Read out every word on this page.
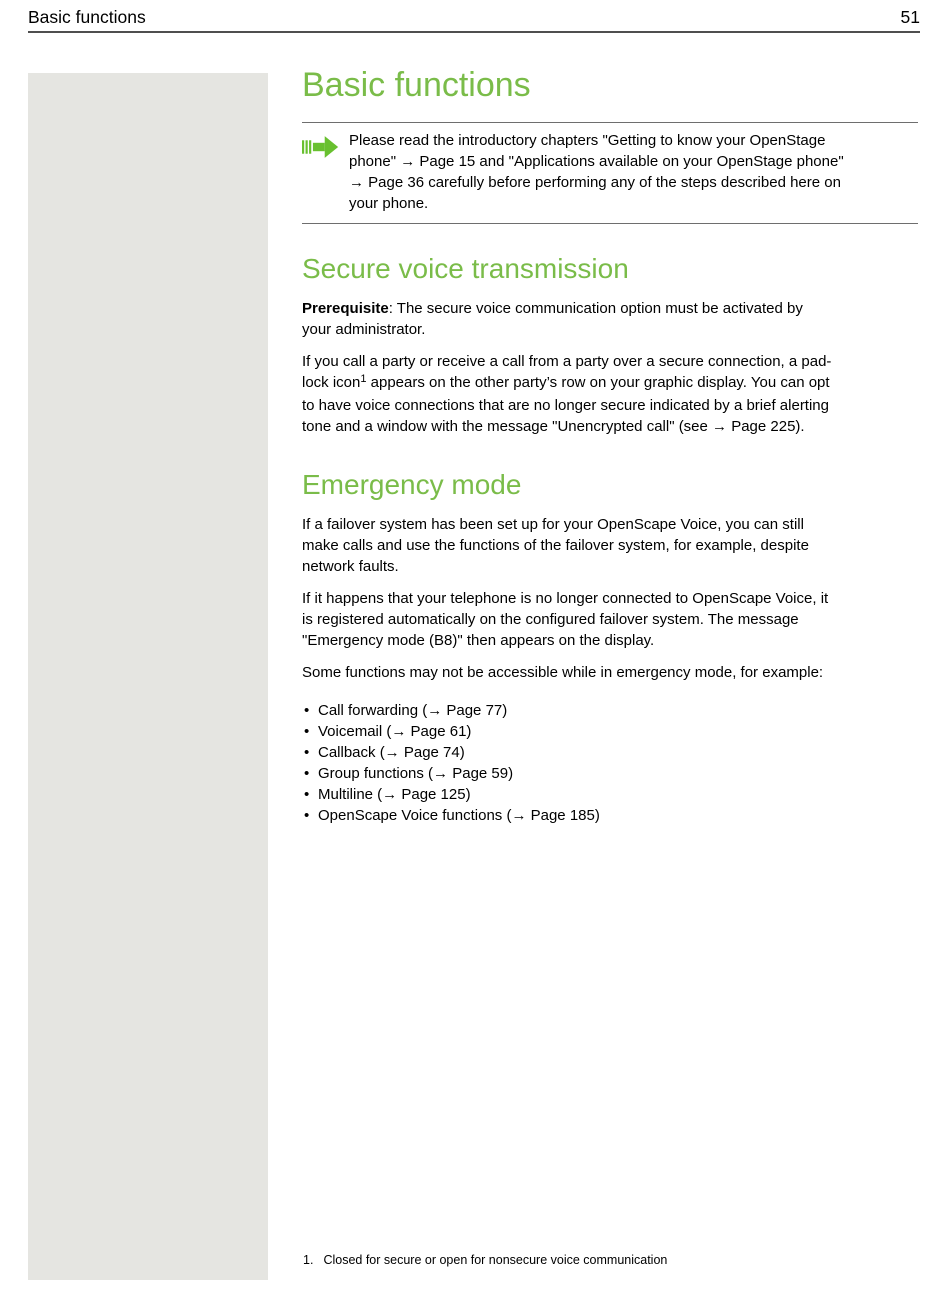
Basic functions	51
Basic functions
Please read the introductory chapters "Getting to know your OpenStage
phone" → Page 15 and "Applications available on your OpenStage phone"
→ Page 36 carefully before performing any of the steps described here on
your phone.
Secure voice transmission

Prerequisite: The secure voice communication option must be activated by
your administrator.

If you call a party or receive a call from a party over a secure connection, a pad-
lock icon$^1$ appears on the other party’s row on your graphic display. You can opt
to have voice connections that are no longer secure indicated by a brief alerting
tone and a window with the message "Unencrypted call" (see → Page 225).

Emergency mode

If a failover system has been set up for your OpenScape Voice, you can still
make calls and use the functions of the failover system, for example, despite
network faults.

If it happens that your telephone is no longer connected to OpenScape Voice, it
is registered automatically on the configured failover system. The message
"Emergency mode (B8)" then appears on the display.

Some functions may not be accessible while in emergency mode, for example:

• Call forwarding (→ Page 77)
• Voicemail (→ Page 61)
• Callback (→ Page 74)
• Group functions (→ Page 59)
• Multiline (→ Page 125)
• OpenScape Voice functions (→ Page 185)
1. Closed for secure or open for nonsecure voice communication
